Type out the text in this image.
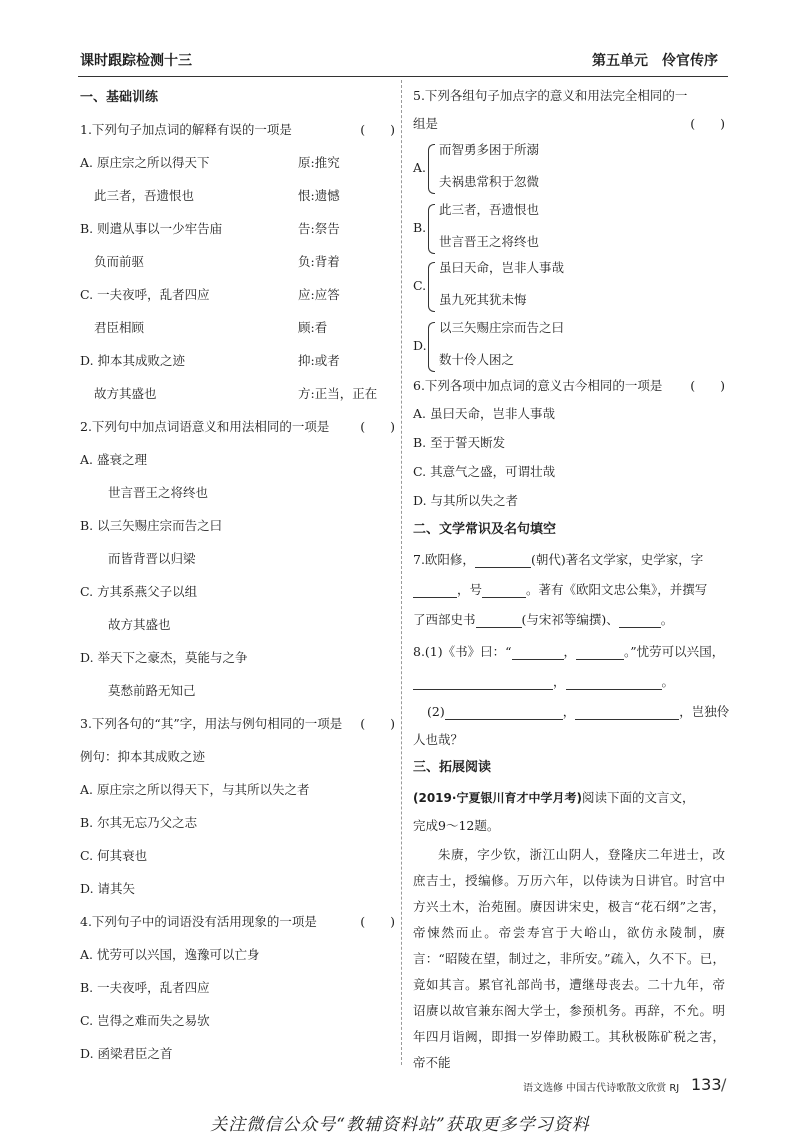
课时跟踪检测十三	第五单元　伶官传序
一、基础训练
1.下列句子加点词的解释有误的一项是	(　　)
A. 原庄宗之所以得天下	原:推究
此三者，吾遗恨也	恨:遗憾
B. 则遣从事以一少牢告庙	告:祭告
负而前驱	负:背着
C. 一夫夜呼，乱者四应	应:应答
君臣相顾	顾:看
D. 抑本其成败之迹	抑:或者
故方其盛也	方:正当，正在
2.下列句中加点词语意义和用法相同的一项是 (　　)
A. 盛衰之理
世言晋王之将终也
B. 以三矢赐庄宗而告之曰
而皆背晋以归梁
C. 方其系燕父子以组
故方其盛也
D. 举天下之豪杰，莫能与之争
莫愁前路无知己
3.下列各句的“其”字，用法与例句相同的一项是 (　　)
例句：抑本其成败之迹
A. 原庄宗之所以得天下，与其所以失之者
B. 尔其无忘乃父之志
C. 何其衰也
D. 请其矢
4.下列句子中的词语没有活用现象的一项是	(　　)
A. 忧劳可以兴国，逸豫可以亡身
B. 一夫夜呼，乱者四应
C. 岂得之难而失之易欤
D. 函梁君臣之首
5.下列各组句子加点字的意义和用法完全相同的一
组是	(　　)
A.
而智勇多困于所溺
夫祸患常积于忽微
B.
此三者，吾遗恨也
世言晋王之将终也
C.
虽曰天命，岂非人事哉
虽九死其犹未悔
D.
以三矢赐庄宗而告之曰
数十伶人困之
6.下列各项中加点词的意义古今相同的一项是 (　　)
A. 虽曰天命，岂非人事哉
B. 至于誓天断发
C. 其意气之盛，可谓壮哉
D. 与其所以失之者
二、文学常识及名句填空
7.欧阳修，	(朝代)著名文学家，史学家，字
，号	。著有《欧阳文忠公集》，并撰写
了西部史书	(与宋祁等编撰)、	。
8.(1)《书》曰：“	，	。”忧劳可以兴国，
，	。
(2)	，	，岂独伶
人也哉？
三、拓展阅读
(2019·宁夏银川育才中学月考)阅读下面的文言文，
完成9～12题。

朱赓，字少钦，浙江山阴人，登隆庆二年进士，改庶吉士，授编修。万历六年，以侍读为日讲官。时宫中方兴土木，治苑囿。赓因讲宋史，极言“花石纲”之害，帝悚然而止。帝尝寿宫于大峪山，欲仿永陵制，赓言：“昭陵在望，制过之，非所安。”疏入，久不下。已，竟如其言。累官礼部尚书，遭继母丧去。二十九年，帝诏赓以故官兼东阁大学士，参预机务。再辞，不允。明年四月诣阙，即揖一岁俸助殿工。其秋极陈矿税之害，帝不能

语文选修 中国古代诗歌散文欣赏 RJ 133 /
关注微信公众号“教辅资料站”获取更多学习资料
